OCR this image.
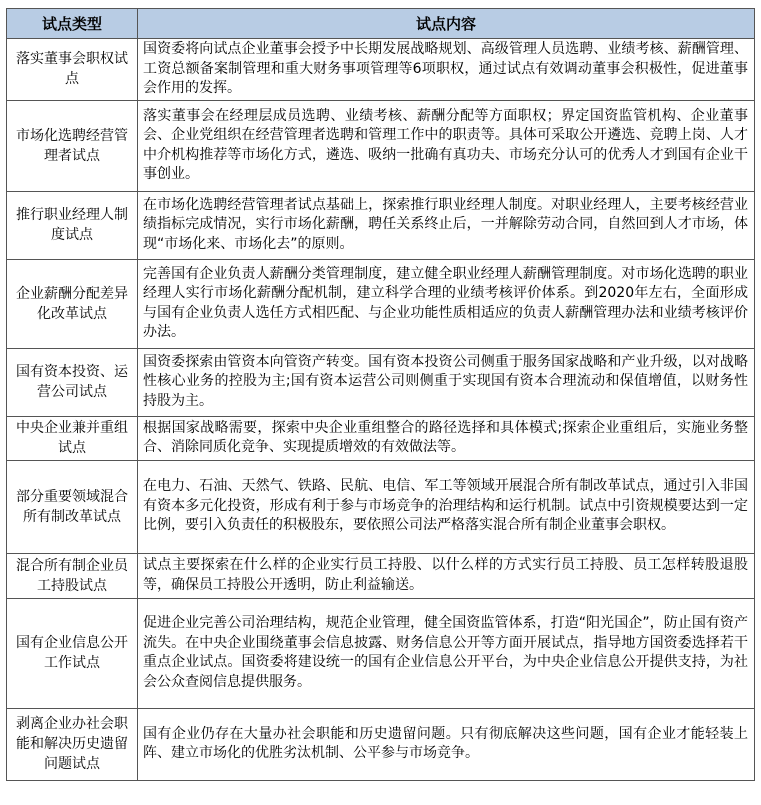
试点类型	试点内容
落实董事会职权试点	国资委将向试点企业董事会授予中长期发展战略规划、高级管理人员选聘、业绩考核、薪酬管理、工资总额备案制管理和重大财务事项管理等6项职权，通过试点有效调动董事会积极性，促进董事会作用的发挥。
市场化选聘经营管理者试点	落实董事会在经理层成员选聘、业绩考核、薪酬分配等方面职权；界定国资监管机构、企业董事会、企业党组织在经营管理者选聘和管理工作中的职责等。具体可采取公开遴选、竞聘上岗、人才中介机构推荐等市场化方式，遴选、吸纳一批确有真功夫、市场充分认可的优秀人才到国有企业干事创业。
推行职业经理人制度试点	在市场化选聘经营管理者试点基础上，探索推行职业经理人制度。对职业经理人，主要考核经营业绩指标完成情况，实行市场化薪酬，聘任关系终止后，一并解除劳动合同，自然回到人才市场，体现“市场化来、市场化去”的原则。
企业薪酬分配差异化改革试点	完善国有企业负责人薪酬分类管理制度，建立健全职业经理人薪酬管理制度。对市场化选聘的职业经理人实行市场化薪酬分配机制，建立科学合理的业绩考核评价体系。到2020年左右，全面形成与国有企业负责人选任方式相匹配、与企业功能性质相适应的负责人薪酬管理办法和业绩考核评价办法。
国有资本投资、运营公司试点	国资委探索由管资本向管资产转变。国有资本投资公司侧重于服务国家战略和产业升级，以对战略性核心业务的控股为主;国有资本运营公司则侧重于实现国有资本合理流动和保值增值，以财务性持股为主。
中央企业兼并重组试点	根据国家战略需要，探索中央企业重组整合的路径选择和具体模式;探索企业重组后，实施业务整合、消除同质化竞争、实现提质增效的有效做法等。
部分重要领域混合所有制改革试点	在电力、石油、天然气、铁路、民航、电信、军工等领域开展混合所有制改革试点，通过引入非国有资本多元化投资，形成有利于参与市场竞争的治理结构和运行机制。试点中引资规模要达到一定比例，要引入负责任的积极股东，要依照公司法严格落实混合所有制企业董事会职权。
混合所有制企业员工持股试点	试点主要探索在什么样的企业实行员工持股、以什么样的方式实行员工持股、员工怎样转股退股等，确保员工持股公开透明，防止利益输送。
国有企业信息公开工作试点	促进企业完善公司治理结构，规范企业管理，健全国资监管体系，打造“阳光国企”，防止国有资产流失。在中央企业围绕董事会信息披露、财务信息公开等方面开展试点，指导地方国资委选择若干重点企业试点。国资委将建设统一的国有企业信息公开平台，为中央企业信息公开提供支持，为社会公众查阅信息提供服务。
剥离企业办社会职能和解决历史遗留问题试点	国有企业仍存在大量办社会职能和历史遗留问题。只有彻底解决这些问题，国有企业才能轻装上阵、建立市场化的优胜劣汰机制、公平参与市场竞争。
